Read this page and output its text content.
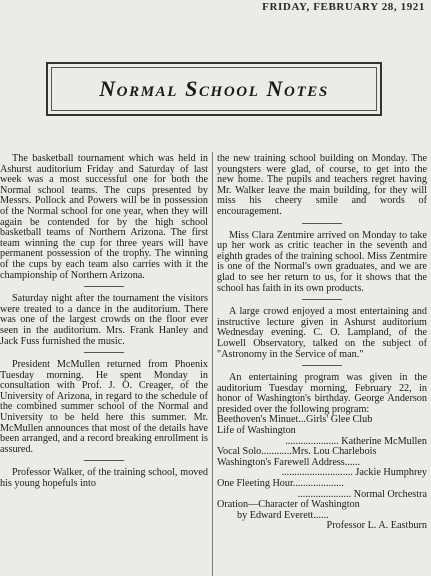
FRIDAY, FEBRUARY 28, 1921
Normal School Notes

The basketball tournament which was held in Ashurst auditorium Friday and Saturday of last week was a most successful one for both the Normal school teams. The cups presented by Messrs. Pollock and Powers will be in possession of the Normal school for one year, when they will again be contended for by the high school basketball teams of Northern Arizona. The first team winning the cup for three years will have permanent possession of the trophy. The winning of the cups by each team also carries with it the championship of Northern Arizona.

Saturday night after the tournament the visitors were treated to a dance in the auditorium. There was one of the largest crowds on the floor ever seen in the auditorium. Mrs. Frank Hanley and Jack Fuss furnished the music.

President McMullen returned from Phoenix Tuesday morning. He spent Monday in consultation with Prof. J. O. Creager, of the University of Arizona, in regard to the schedule of the combined summer school of the Normal and University to be held here this summer. Mr. McMullen announces that most of the details have been arranged, and a record breaking enrollment is assured.

Professor Walker, of the training school, moved his young hopefuls into

the new training school building on Monday. The youngsters were glad, of course, to get into the new home. The pupils and teachers regret having Mr. Walker leave the main building, for they will miss his cheery smile and words of encouragement.

Miss Clara Zentmire arrived on Monday to take up her work as critic teacher in the seventh and eighth grades of the training school. Miss Zentmire is one of the Normal's own graduates, and we are glad to see her return to us, for it shows that the school has faith in its own products.

A large crowd enjoyed a most entertaining and instructive lecture given in Ashurst auditorium Wednesday evening. C. O. Lampland, of the Lowell Observatory, talked on the subject of "Astronomy in the Service of man."

An entertaining program was given in the auditorium Tuesday morning, February 22, in honor of Washington's birthday. George Anderson presided over the following program:

Beethoven's Minuet...Girls' Glee Club
Life of Washington
..................... Katherine McMullen
Vocal Solo............Mrs. Lou Charlebois
Washington's Farewell Address......
............................ Jackie Humphrey
One Fleeting Hour....................
..................... Normal Orchestra
Oration—Character of Washington
by Edward Everett......
Professor L. A. Eastburn
